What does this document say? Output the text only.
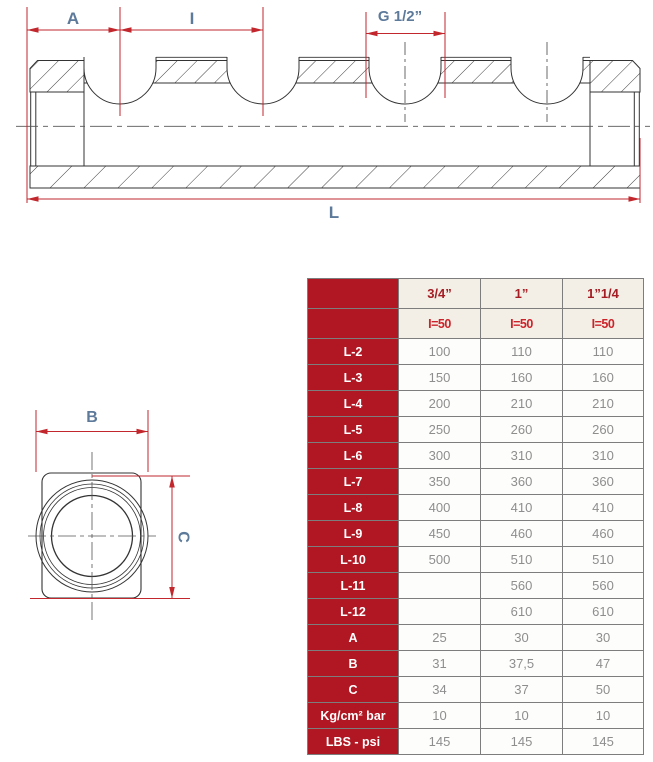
A	I	G 1/2”
L
B
C
	3/4”	1”	1”1/4
	I=50	I=50	I=50
L-2	100	110	110
L-3	150	160	160
L-4	200	210	210
L-5	250	260	260
L-6	300	310	310
L-7	350	360	360
L-8	400	410	410
L-9	450	460	460
L-10	500	510	510
L-11		560	560
L-12		610	610
A	25	30	30
B	31	37,5	47
C	34	37	50
Kg/cm² bar	10	10	10
LBS - psi	145	145	145
